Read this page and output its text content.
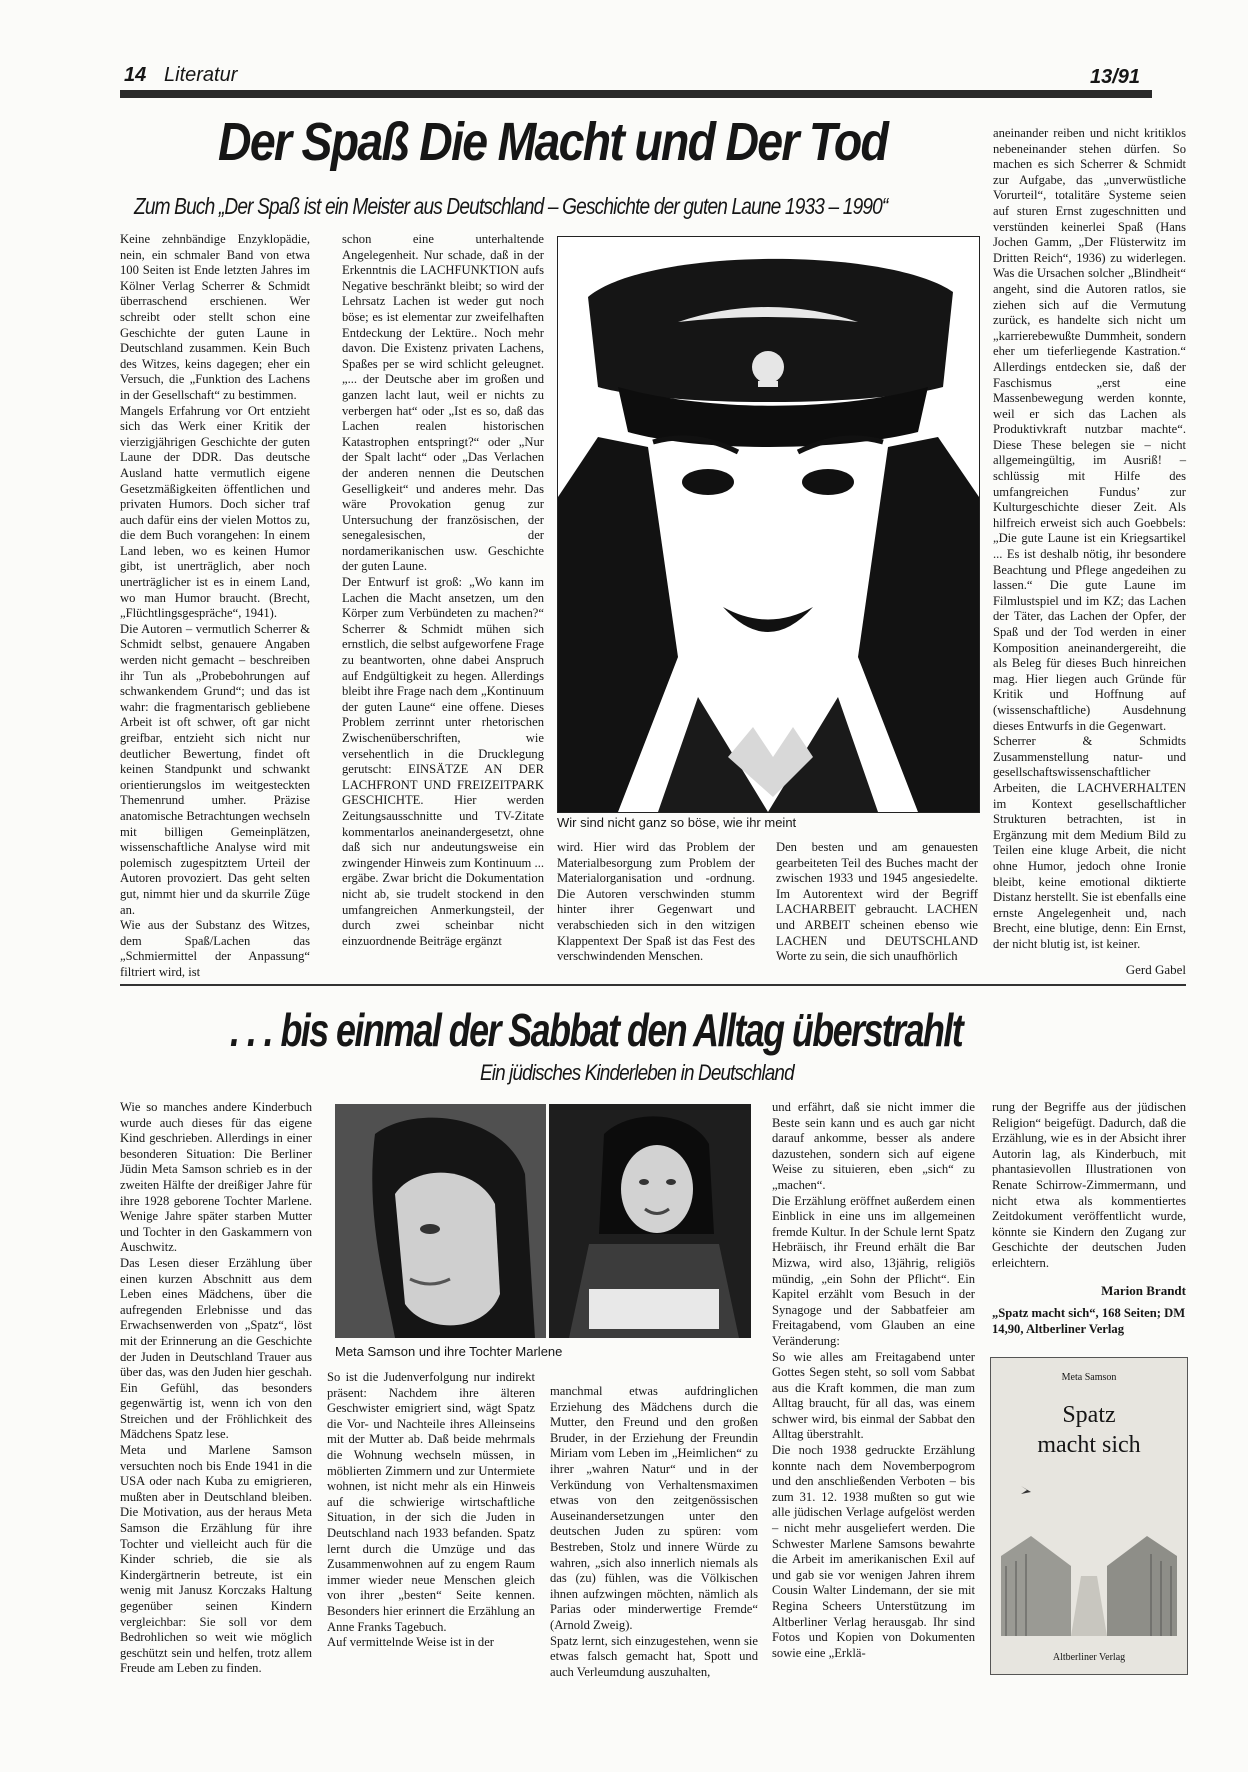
14 Literatur	13/91
Der Spaß Die Macht und Der Tod
Zum Buch „Der Spaß ist ein Meister aus Deutschland – Geschichte der guten Laune 1933 – 1990“

Keine zehnbändige Enzyklopädie, nein, ein schmaler Band von etwa 100 Seiten ist Ende letzten Jahres im Kölner Verlag Scherrer & Schmidt überraschend erschienen. Wer schreibt oder stellt schon eine Geschichte der guten Laune in Deutschland zusammen. Kein Buch des Witzes, keins dagegen; eher ein Versuch, die „Funktion des Lachens in der Gesellschaft“ zu bestimmen.

Mangels Erfahrung vor Ort entzieht sich das Werk einer Kritik der vierzigjährigen Geschichte der guten Laune der DDR. Das deutsche Ausland hatte vermutlich eigene Gesetzmäßigkeiten öffentlichen und privaten Humors. Doch sicher traf auch dafür eins der vielen Mottos zu, die dem Buch vorangehen: In einem Land leben, wo es keinen Humor gibt, ist unerträglich, aber noch unerträglicher ist es in einem Land, wo man Humor braucht. (Brecht, „Flüchtlingsgespräche“, 1941).

Die Autoren – vermutlich Scherrer & Schmidt selbst, genauere Angaben werden nicht gemacht – beschreiben ihr Tun als „Probebohrungen auf schwankendem Grund“; und das ist wahr: die fragmentarisch gebliebene Arbeit ist oft schwer, oft gar nicht greifbar, entzieht sich nicht nur deutlicher Bewertung, findet oft keinen Standpunkt und schwankt orientierungslos im weitgesteckten Themenrund umher. Präzise anatomische Betrachtungen wechseln mit billigen Gemeinplätzen, wissenschaftliche Analyse wird mit polemisch zugespitztem Urteil der Autoren provoziert. Das geht selten gut, nimmt hier und da skurrile Züge an.

Wie aus der Substanz des Witzes, dem Spaß/Lachen das „Schmiermittel der Anpassung“ filtriert wird, ist

schon eine unterhaltende Angelegenheit. Nur schade, daß in der Erkenntnis die LACHFUNKTION aufs Negative beschränkt bleibt; so wird der Lehrsatz Lachen ist weder gut noch böse; es ist elementar zur zweifelhaften Entdeckung der Lektüre.. Noch mehr davon. Die Existenz privaten Lachens, Spaßes per se wird schlicht geleugnet. „... der Deutsche aber im großen und ganzen lacht laut, weil er nichts zu verbergen hat“ oder „Ist es so, daß das Lachen realen historischen Katastrophen entspringt?“ oder „Nur der Spalt lacht“ oder „Das Verlachen der anderen nennen die Deutschen Geselligkeit“ und anderes mehr. Das wäre Provokation genug zur Untersuchung der französischen, der senegalesischen, der nordamerikanischen usw. Geschichte der guten Laune.

Der Entwurf ist groß: „Wo kann im Lachen die Macht ansetzen, um den Körper zum Verbündeten zu machen?“ Scherrer & Schmidt mühen sich ernstlich, die selbst aufgeworfene Frage zu beantworten, ohne dabei Anspruch auf Endgültigkeit zu hegen. Allerdings bleibt ihre Frage nach dem „Kontinuum der guten Laune“ eine offene. Dieses Problem zerrinnt unter rhetorischen Zwischenüberschriften, wie versehentlich in die Drucklegung gerutscht: EINSÄTZE AN DER LACHFRONT UND FREIZEITPARK GESCHICHTE. Hier werden Zeitungsausschnitte und TV-Zitate kommentarlos aneinandergesetzt, ohne daß sich nur andeutungsweise ein zwingender Hinweis zum Kontinuum ... ergäbe. Zwar bricht die Dokumentation nicht ab, sie trudelt stockend in den umfangreichen Anmerkungsteil, der durch zwei scheinbar nicht einzuordnende Beiträge ergänzt

Wir sind nicht ganz so böse, wie ihr meint

wird. Hier wird das Problem der Materialbesorgung zum Problem der Materialorganisation und -ordnung. Die Autoren verschwinden stumm hinter ihrer Gegenwart und verabschieden sich in den witzigen Klappentext Der Spaß ist das Fest des verschwindenden Menschen.

Den besten und am genauesten gearbeiteten Teil des Buches macht der zwischen 1933 und 1945 angesiedelte. Im Autorentext wird der Begriff LACHARBEIT gebraucht. LACHEN und ARBEIT scheinen ebenso wie LACHEN und DEUTSCHLAND Worte zu sein, die sich unaufhörlich

aneinander reiben und nicht kritiklos nebeneinander stehen dürfen. So machen es sich Scherrer & Schmidt zur Aufgabe, das „unverwüstliche Vorurteil“, totalitäre Systeme seien auf sturen Ernst zugeschnitten und verstünden keinerlei Spaß (Hans Jochen Gamm, „Der Flüsterwitz im Dritten Reich“, 1936) zu widerlegen. Was die Ursachen solcher „Blindheit“ angeht, sind die Autoren ratlos, sie ziehen sich auf die Vermutung zurück, es handelte sich nicht um „karrierebewußte Dummheit, sondern eher um tieferliegende Kastration.“ Allerdings entdecken sie, daß der Faschismus „erst eine Massenbewegung werden konnte, weil er sich das Lachen als Produktivkraft nutzbar machte“. Diese These belegen sie – nicht allgemeingültig, im Ausriß! – schlüssig mit Hilfe des umfangreichen Fundus’ zur Kulturgeschichte dieser Zeit. Als hilfreich erweist sich auch Goebbels: „Die gute Laune ist ein Kriegsartikel ... Es ist deshalb nötig, ihr besondere Beachtung und Pflege angedeihen zu lassen.“ Die gute Laune im Filmlustspiel und im KZ; das Lachen der Täter, das Lachen der Opfer, der Spaß und der Tod werden in einer Komposition aneinandergereiht, die als Beleg für dieses Buch hinreichen mag. Hier liegen auch Gründe für Kritik und Hoffnung auf (wissenschaftliche) Ausdehnung dieses Entwurfs in die Gegenwart.

Scherrer & Schmidts Zusammenstellung natur- und gesellschaftswissenschaftlicher Arbeiten, die LACHVERHALTEN im Kontext gesellschaftlicher Strukturen betrachten, ist in Ergänzung mit dem Medium Bild zu Teilen eine kluge Arbeit, die nicht ohne Humor, jedoch ohne Ironie bleibt, keine emotional diktierte Distanz herstellt. Sie ist ebenfalls eine ernste Angelegenheit und, nach Brecht, eine blutige, denn: Ein Ernst, der nicht blutig ist, ist keiner.

Gerd Gabel
. . . bis einmal der Sabbat den Alltag überstrahlt
Ein jüdisches Kinderleben in Deutschland

Wie so manches andere Kinderbuch wurde auch dieses für das eigene Kind geschrieben. Allerdings in einer besonderen Situation: Die Berliner Jüdin Meta Samson schrieb es in der zweiten Hälfte der dreißiger Jahre für ihre 1928 geborene Tochter Marlene. Wenige Jahre später starben Mutter und Tochter in den Gaskammern von Auschwitz.

Das Lesen dieser Erzählung über einen kurzen Abschnitt aus dem Leben eines Mädchens, über die aufregenden Erlebnisse und das Erwachsenwerden von „Spatz“, löst mit der Erinnerung an die Geschichte der Juden in Deutschland Trauer aus über das, was den Juden hier geschah. Ein Gefühl, das besonders gegenwärtig ist, wenn ich von den Streichen und der Fröhlichkeit des Mädchens Spatz lese.

Meta und Marlene Samson versuchten noch bis Ende 1941 in die USA oder nach Kuba zu emigrieren, mußten aber in Deutschland bleiben. Die Motivation, aus der heraus Meta Samson die Erzählung für ihre Tochter und vielleicht auch für die Kinder schrieb, die sie als Kindergärtnerin betreute, ist ein wenig mit Janusz Korczaks Haltung gegenüber seinen Kindern vergleichbar: Sie soll vor dem Bedrohlichen so weit wie möglich geschützt sein und helfen, trotz allem Freude am Leben zu finden.

Meta Samson und ihre Tochter Marlene

So ist die Judenverfolgung nur indirekt präsent: Nachdem ihre älteren Geschwister emigriert sind, wägt Spatz die Vor- und Nachteile ihres Alleinseins mit der Mutter ab. Daß beide mehrmals die Wohnung wechseln müssen, in möblierten Zimmern und zur Untermiete wohnen, ist nicht mehr als ein Hinweis auf die schwierige wirtschaftliche Situation, in der sich die Juden in Deutschland nach 1933 befanden. Spatz lernt durch die Umzüge und das Zusammenwohnen auf zu engem Raum immer wieder neue Menschen gleich von ihrer „besten“ Seite kennen. Besonders hier erinnert die Erzählung an Anne Franks Tagebuch.

Auf vermittelnde Weise ist in der

manchmal etwas aufdringlichen Erziehung des Mädchens durch die Mutter, den Freund und den großen Bruder, in der Erziehung der Freundin Miriam vom Leben im „Heimlichen“ zu ihrer „wahren Natur“ und in der Verkündung von Verhaltensmaximen etwas von den zeitgenössischen Auseinandersetzungen unter den deutschen Juden zu spüren: vom Bestreben, Stolz und innere Würde zu wahren, „sich also innerlich niemals als das (zu) fühlen, was die Völkischen ihnen aufzwingen möchten, nämlich als Parias oder minderwertige Fremde“ (Arnold Zweig).

Spatz lernt, sich einzugestehen, wenn sie etwas falsch gemacht hat, Spott und auch Verleumdung auszuhalten,

und erfährt, daß sie nicht immer die Beste sein kann und es auch gar nicht darauf ankomme, besser als andere dazustehen, sondern sich auf eigene Weise zu situieren, eben „sich“ zu „machen“.

Die Erzählung eröffnet außerdem einen Einblick in eine uns im allgemeinen fremde Kultur. In der Schule lernt Spatz Hebräisch, ihr Freund erhält die Bar Mizwa, wird also, 13jährig, religiös mündig, „ein Sohn der Pflicht“. Ein Kapitel erzählt vom Besuch in der Synagoge und der Sabbatfeier am Freitagabend, vom Glauben an eine Veränderung:

So wie alles am Freitagabend unter Gottes Segen steht, so soll vom Sabbat aus die Kraft kommen, die man zum Alltag braucht, für all das, was einem schwer wird, bis einmal der Sabbat den Alltag überstrahlt.

Die noch 1938 gedruckte Erzählung konnte nach dem Novemberpogrom und den anschließenden Verboten – bis zum 31. 12. 1938 mußten so gut wie alle jüdischen Verlage aufgelöst werden – nicht mehr ausgeliefert werden. Die Schwester Marlene Samsons bewahrte die Arbeit im amerikanischen Exil auf und gab sie vor wenigen Jahren ihrem Cousin Walter Lindemann, der sie mit Regina Scheers Unterstützung im Altberliner Verlag herausgab. Ihr sind Fotos und Kopien von Dokumenten sowie eine „Erklä-

rung der Begriffe aus der jüdischen Religion“ beigefügt. Dadurch, daß die Erzählung, wie es in der Absicht ihrer Autorin lag, als Kinderbuch, mit phantasievollen Illustrationen von Renate Schirrow-Zimmermann, und nicht etwa als kommentiertes Zeitdokument veröffentlicht wurde, könnte sie Kindern den Zugang zur Geschichte der deutschen Juden erleichtern.

Marion Brandt
„Spatz macht sich“, 168 Seiten; DM 14,90, Altberliner Verlag
Meta Samson
Spatz
macht sich
Altberliner Verlag
